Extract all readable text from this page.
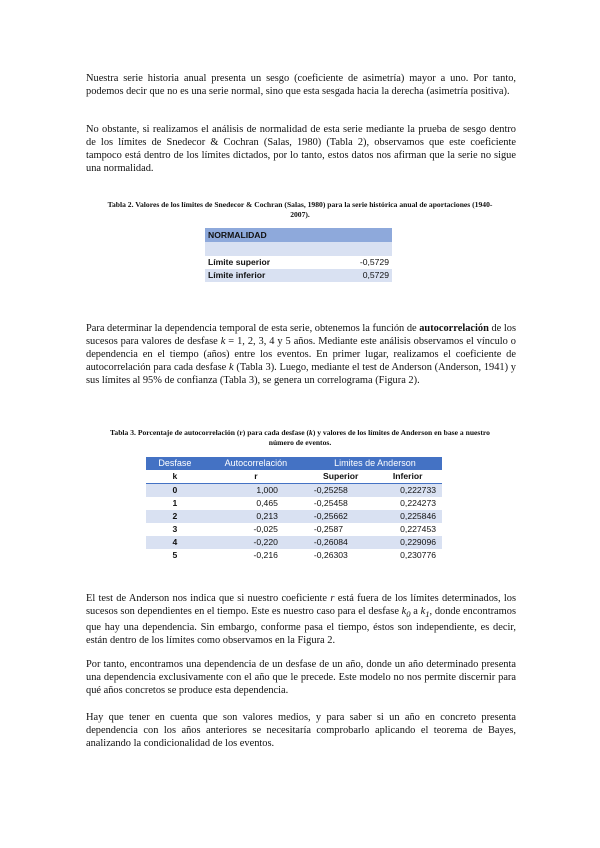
Nuestra serie historia anual presenta un sesgo (coeficiente de asimetría) mayor a uno. Por tanto, podemos decir que no es una serie normal, sino que esta sesgada hacia la derecha (asimetría positiva).

No obstante, si realizamos el análisis de normalidad de esta serie mediante la prueba de sesgo dentro de los límites de Snedecor & Cochran (Salas, 1980) (Tabla 2), observamos que este coeficiente tampoco está dentro de los límites dictados, por lo tanto, estos datos nos afirman que la serie no sigue una normalidad.

Tabla 2. Valores de los límites de Snedecor & Cochran (Salas, 1980) para la serie histórica anual de aportaciones (1940-2007).

NORMALIDAD	

Límite superior	-0,5729
Límite inferior	0,5729

Para determinar la dependencia temporal de esta serie, obtenemos la función de autocorrelación de los sucesos para valores de desfase k = 1, 2, 3, 4 y 5 años. Mediante este análisis observamos el vínculo o dependencia en el tiempo (años) entre los eventos. En primer lugar, realizamos el coeficiente de autocorrelación para cada desfase k (Tabla 3). Luego, mediante el test de Anderson (Anderson, 1941) y sus límites al 95% de confianza (Tabla 3), se genera un correlograma (Figura 2).

Tabla 3. Porcentaje de autocorrelación (r) para cada desfase (k) y valores de los límites de Anderson en base a nuestro número de eventos.

Desfase	Autocorrelación	Limites de Anderson	
k	r	Superior	Inferior
0	1,000	-0,25258	0,222733
1	0,465	-0,25458	0,224273
2	0,213	-0,25662	0,225846
3	-0,025	-0,2587	0,227453
4	-0,220	-0,26084	0,229096
5	-0,216	-0,26303	0,230776

El test de Anderson nos indica que si nuestro coeficiente r está fuera de los límites determinados, los sucesos son dependientes en el tiempo. Este es nuestro caso para el desfase $k_0$ a $k_1$, donde encontramos que hay una dependencia. Sin embargo, conforme pasa el tiempo, éstos son independiente, es decir, están dentro de los límites como observamos en la Figura 2.

Por tanto, encontramos una dependencia de un desfase de un año, donde un año determinado presenta una dependencia exclusivamente con el año que le precede. Este modelo no nos permite discernir para qué años concretos se produce esta dependencia.

Hay que tener en cuenta que son valores medios, y para saber si un año en concreto presenta dependencia con los años anteriores se necesitaría comprobarlo aplicando el teorema de Bayes, analizando la condicionalidad de los eventos.
